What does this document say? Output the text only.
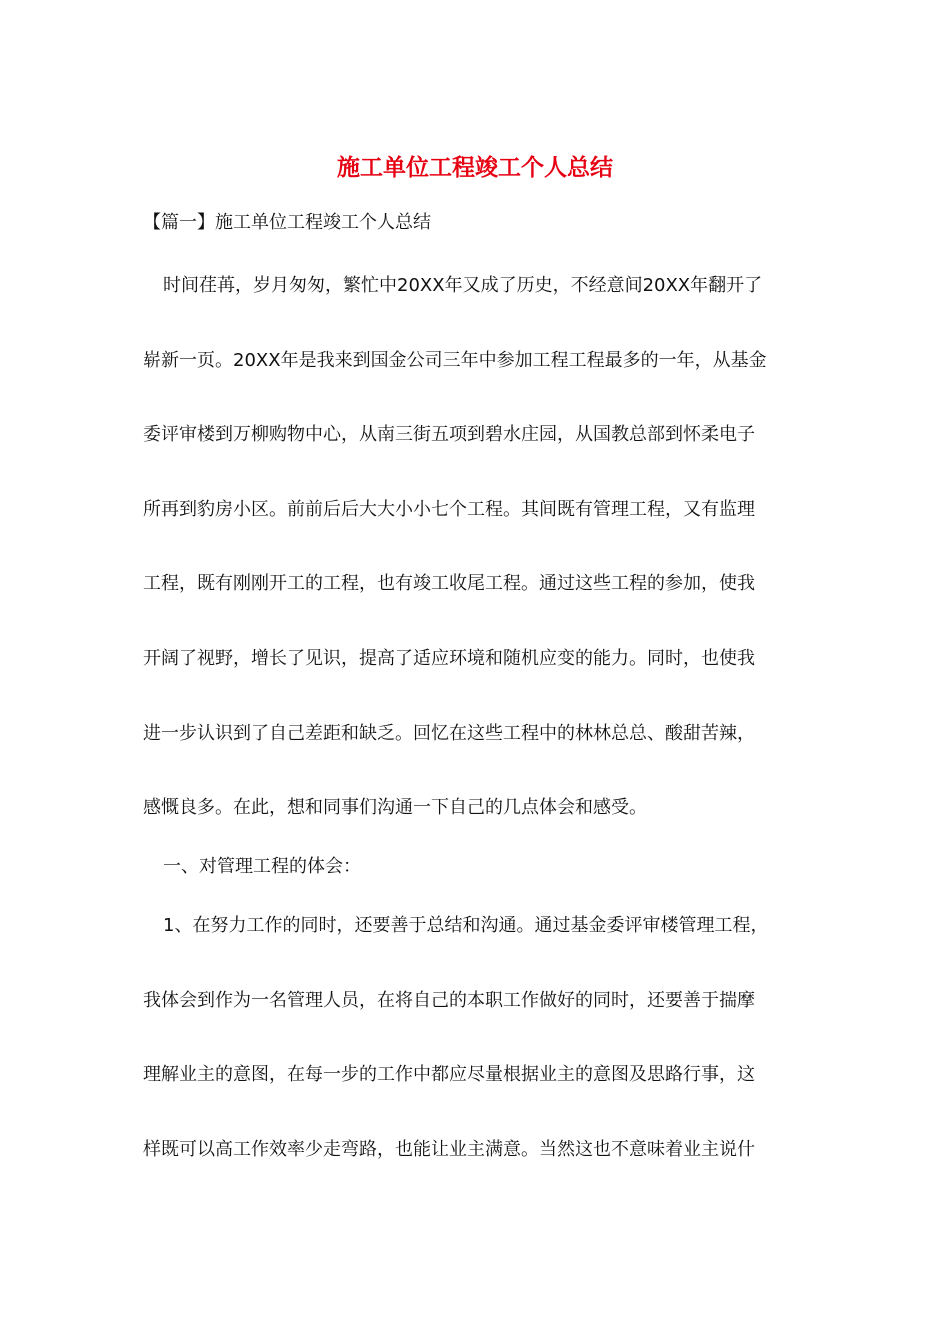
施工单位工程竣工个人总结
【篇一】施工单位工程竣工个人总结
时间荏苒，岁月匆匆，繁忙中20XX年又成了历史，不经意间20XX年翻开了
崭新一页。20XX年是我来到国金公司三年中参加工程工程最多的一年，从基金
委评审楼到万柳购物中心，从南三街五项到碧水庄园，从国教总部到怀柔电子
所再到豹房小区。前前后后大大小小七个工程。其间既有管理工程，又有监理
工程，既有刚刚开工的工程，也有竣工收尾工程。通过这些工程的参加，使我
开阔了视野，增长了见识，提高了适应环境和随机应变的能力。同时，也使我
进一步认识到了自己差距和缺乏。回忆在这些工程中的林林总总、酸甜苦辣，
感慨良多。在此，想和同事们沟通一下自己的几点体会和感受。
一、对管理工程的体会：
1、在努力工作的同时，还要善于总结和沟通。通过基金委评审楼管理工程，
我体会到作为一名管理人员，在将自己的本职工作做好的同时，还要善于揣摩
理解业主的意图，在每一步的工作中都应尽量根据业主的意图及思路行事，这
样既可以高工作效率少走弯路，也能让业主满意。当然这也不意味着业主说什
